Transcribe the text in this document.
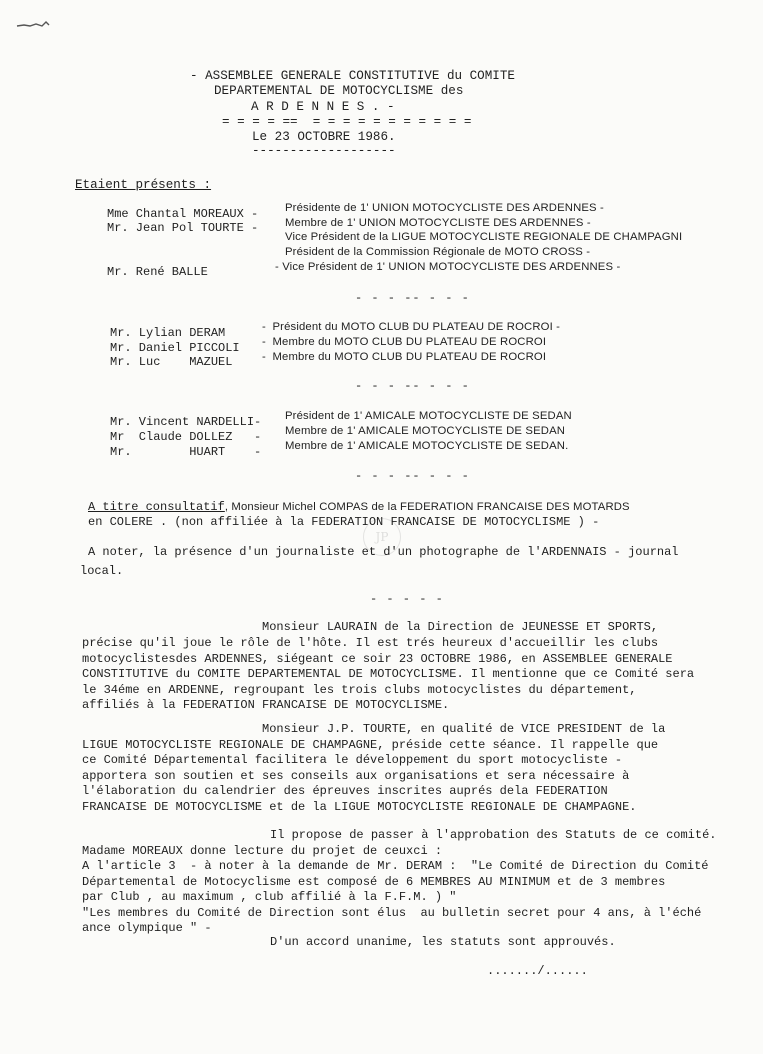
JP
- ASSEMBLEE GENERALE CONSTITUTIVE du COMITE
DEPARTEMENTAL DE MOTOCYCLISME des
A R D E N N E S . -
= = = = ==  = = = = = = = = = = =
Le 23 OCTOBRE 1986.
-------------------
Etaient présents :
Mme Chantal MOREAUX - Présidente de 1' UNION MOTOCYCLISTE DES ARDENNES -
Mr. Jean Pol TOURTE - Membre de 1' UNION MOTOCYCLISTE DES ARDENNES -
Vice Président de la LIGUE MOTOCYCLISTE REGIONALE DE CHAMPAGNI
Président de la Commission Régionale de MOTO CROSS -
Mr. René BALLE	- Vice Président de 1' UNION MOTOCYCLISTE DES ARDENNES -
- - - -- - - -
Mr. Lylian DERAM	-  Président du MOTO CLUB DU PLATEAU DE ROCROI -
Mr. Daniel PICCOLI -  Membre du MOTO CLUB DU PLATEAU DE ROCROI
Mr. Luc    MAZUEL	-  Membre du MOTO CLUB DU PLATEAU DE ROCROI
- - - -- - - -
Mr. Vincent NARDELLI- Président de 1' AMICALE MOTOCYCLISTE DE SEDAN
Mr  Claude DOLLEZ   - Membre de 1' AMICALE MOTOCYCLISTE DE SEDAN
Mr.        HUART    - Membre de 1' AMICALE MOTOCYCLISTE DE SEDAN.
- - - -- - - -
A titre consultatif, Monsieur Michel COMPAS de la FEDERATION FRANCAISE DES MOTARDS
en COLERE . (non affiliée à la FEDERATION FRANCAISE DE MOTOCYCLISME ) -
A noter, la présence d'un journaliste et d'un photographe de l'ARDENNAIS - journal
local.
- - - - -
Monsieur LAURAIN de la Direction de JEUNESSE ET SPORTS,
précise qu'il joue le rôle de l'hôte. Il est trés heureux d'accueillir les clubs
motocyclistesdes ARDENNES, siégeant ce soir 23 OCTOBRE 1986, en ASSEMBLEE GENERALE
CONSTITUTIVE du COMITE DEPARTEMENTAL DE MOTOCYCLISME. Il mentionne que ce Comité sera
le 34éme en ARDENNE, regroupant les trois clubs motocyclistes du département,
affiliés à la FEDERATION FRANCAISE DE MOTOCYCLISME.
Monsieur J.P. TOURTE, en qualité de VICE PRESIDENT de la
LIGUE MOTOCYCLISTE REGIONALE DE CHAMPAGNE, préside cette séance. Il rappelle que
ce Comité Départemental facilitera le développement du sport motocycliste -
apportera son soutien et ses conseils aux organisations et sera nécessaire à
l'élaboration du calendrier des épreuves inscrites auprés dela FEDERATION
FRANCAISE DE MOTOCYCLISME et de la LIGUE MOTOCYCLISTE REGIONALE DE CHAMPAGNE.
Il propose de passer à l'approbation des Statuts de ce comité.
Madame MOREAUX donne lecture du projet de ceuxci :
A l'article 3  - à noter à la demande de Mr. DERAM :  "Le Comité de Direction du Comité
Départemental de Motocyclisme est composé de 6 MEMBRES AU MINIMUM et de 3 membres
par Club , au maximum , club affilié à la F.F.M. ) "
"Les membres du Comité de Direction sont élus  au bulletin secret pour 4 ans, à l'éché
ance olympique " -
D'un accord unanime, les statuts sont approuvés.
......./......
